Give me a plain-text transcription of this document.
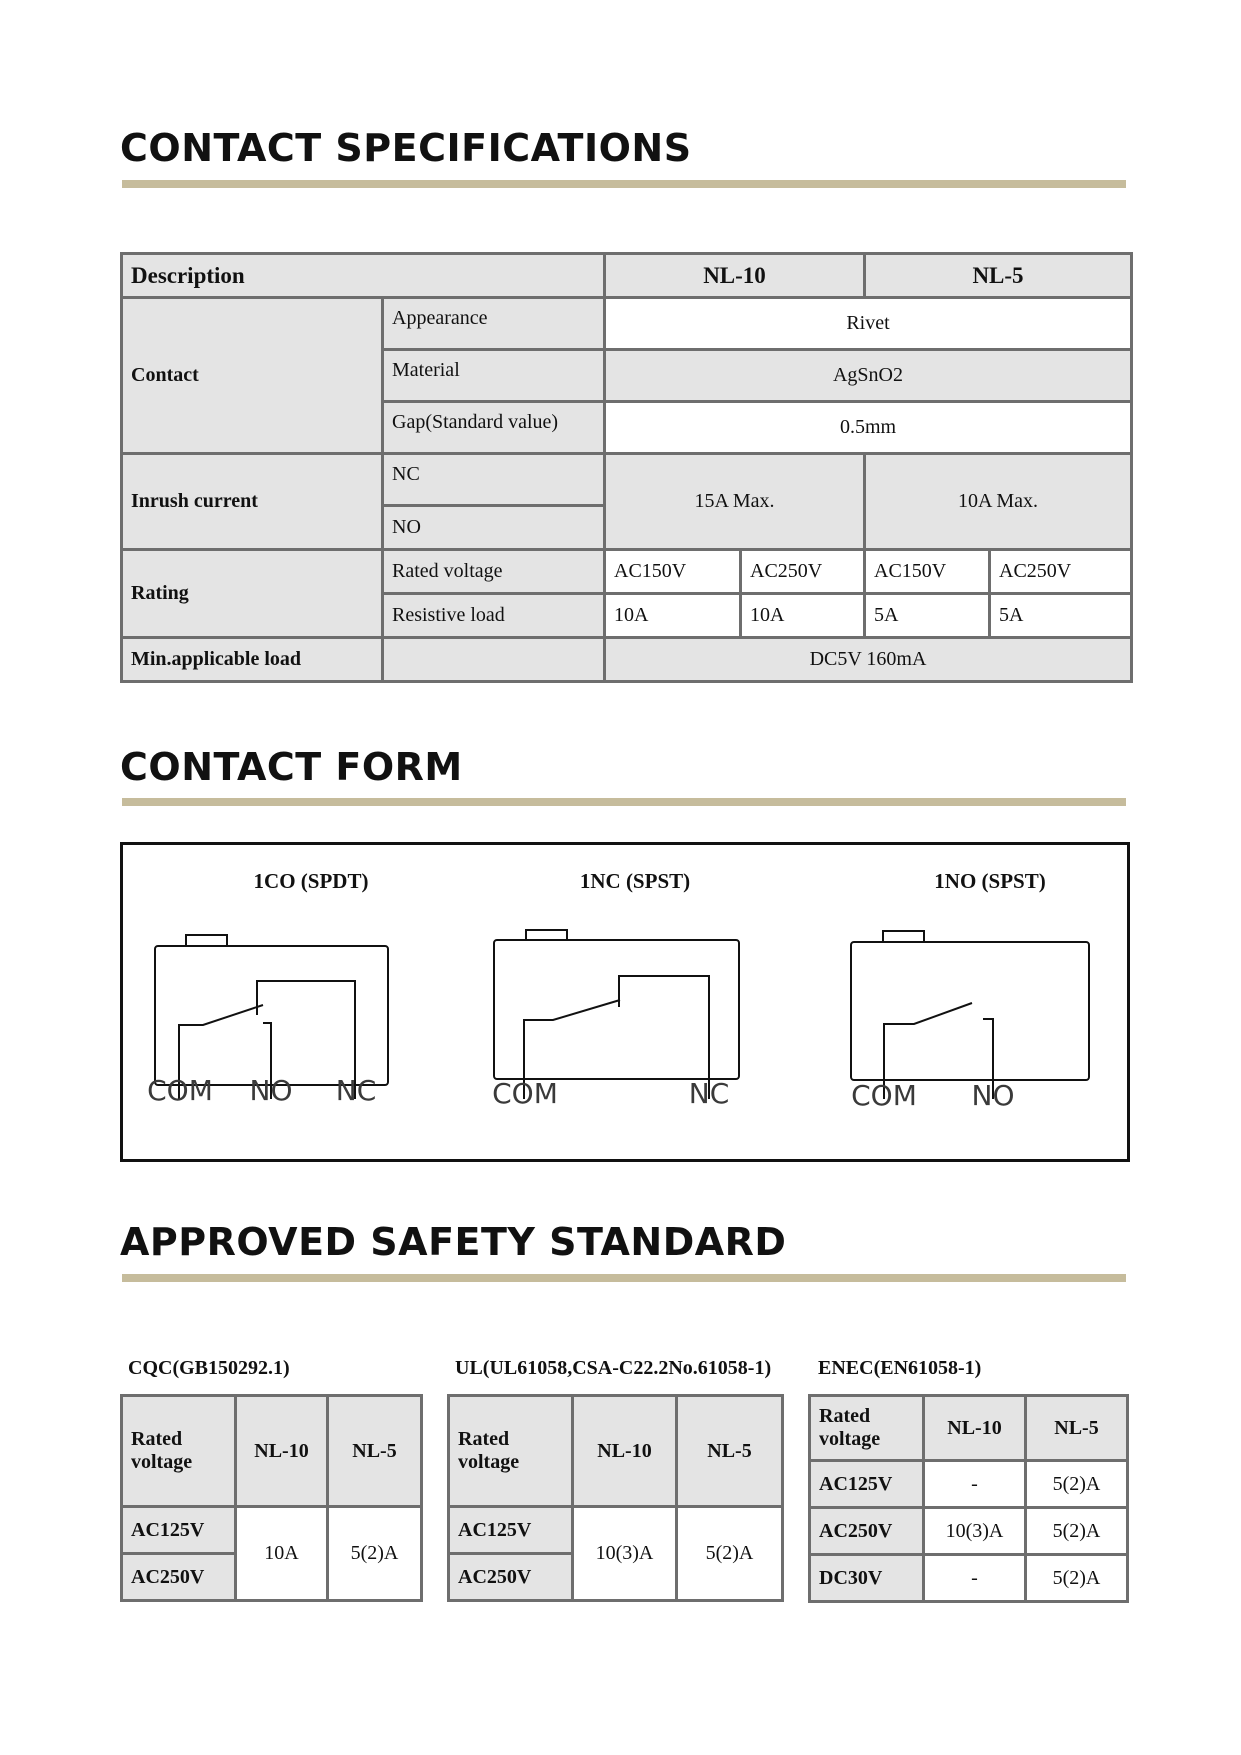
CONTACT SPECIFICATIONS
Description		NL-10		NL-5	
Contact	Appearance	Rivet			
	Material	AgSnO2			
	Gap(Standard value)	0.5mm			
Inrush current	NC	15A Max.		10A Max.	
	NO				
Rating	Rated voltage	AC150V	AC250V	AC150V	AC250V
	Resistive load	10A	10A	5A	5A
Min.applicable load		DC5V 160mA			
CONTACT FORM
1CO (SPDT)	1NC (SPST)	1NO (SPST)
COM NO NC	COM	NC	COM NO
APPROVED SAFETY STANDARD
CQC(GB150292.1)	UL(UL61058,CSA-C22.2No.61058-1) ENEC(EN61058-1)
Rated voltage	NL-10	NL-5
AC125V	10A	5(2)A
AC250V		
Rated voltage	NL-10	NL-5
AC125V	10(3)A	5(2)A
AC250V		
Rated voltage	NL-10	NL-5
AC125V	-	5(2)A
AC250V	10(3)A	5(2)A
DC30V	-	5(2)A
